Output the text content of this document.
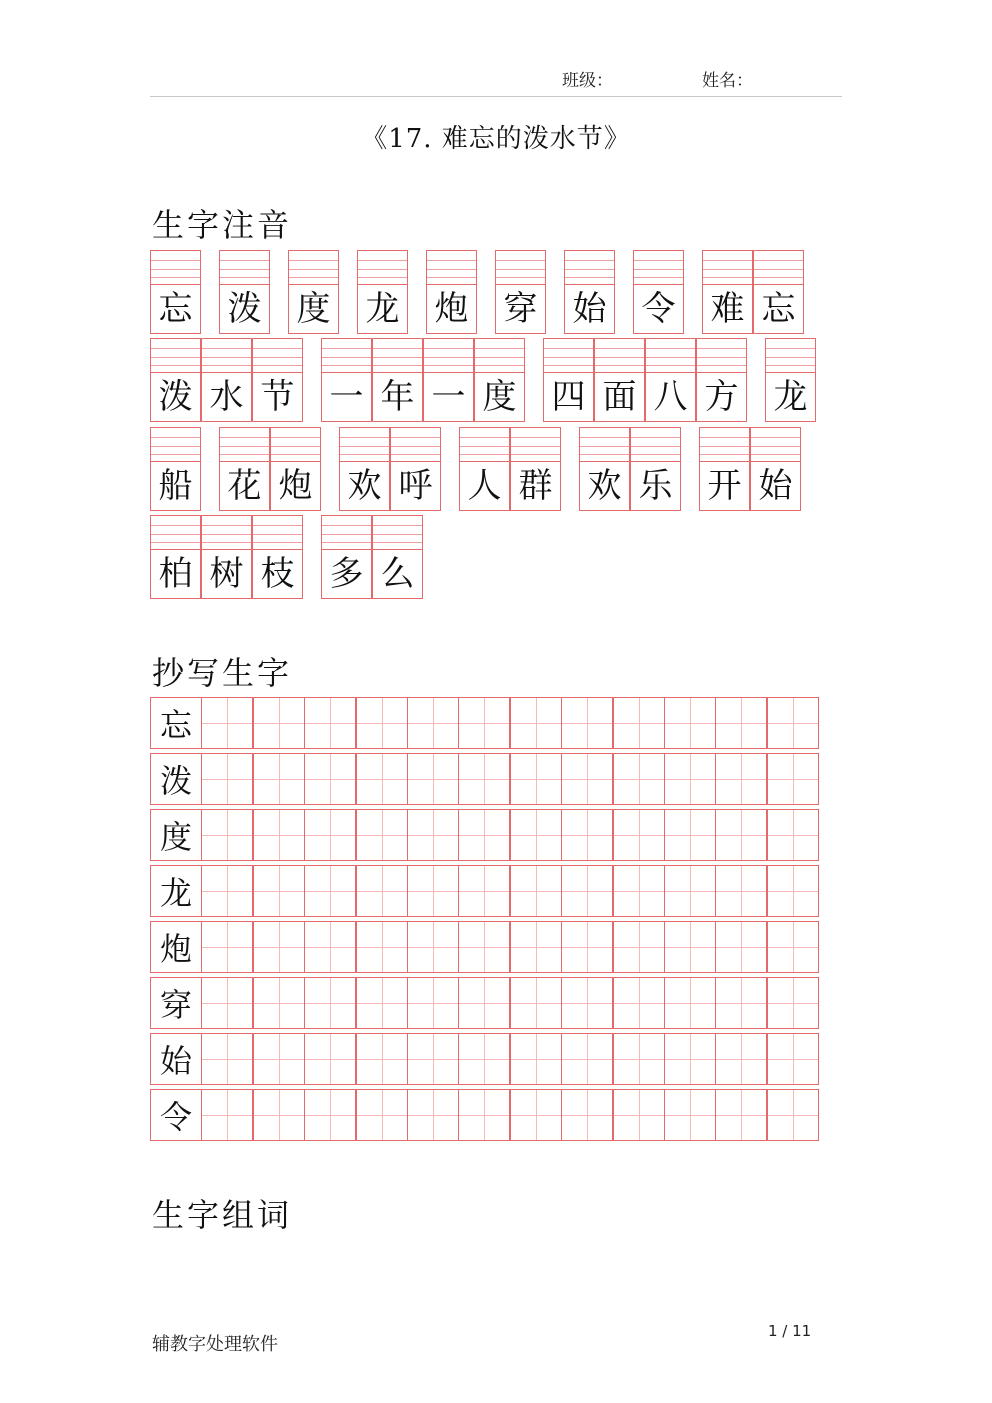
班级：	姓名：
《17. 难忘的泼水节》
生字注音
忘 泼 度 龙 炮 穿 始 令 难 忘
泼 水 节 一 年 一 度 四 面 八 方 龙
船 花 炮 欢 呼 人 群 欢 乐 开 始
柏 树 枝 多 么
抄写生字
忘
泼
度
龙
炮
穿
始
令
生字组词
辅教字处理软件
1 / 11
